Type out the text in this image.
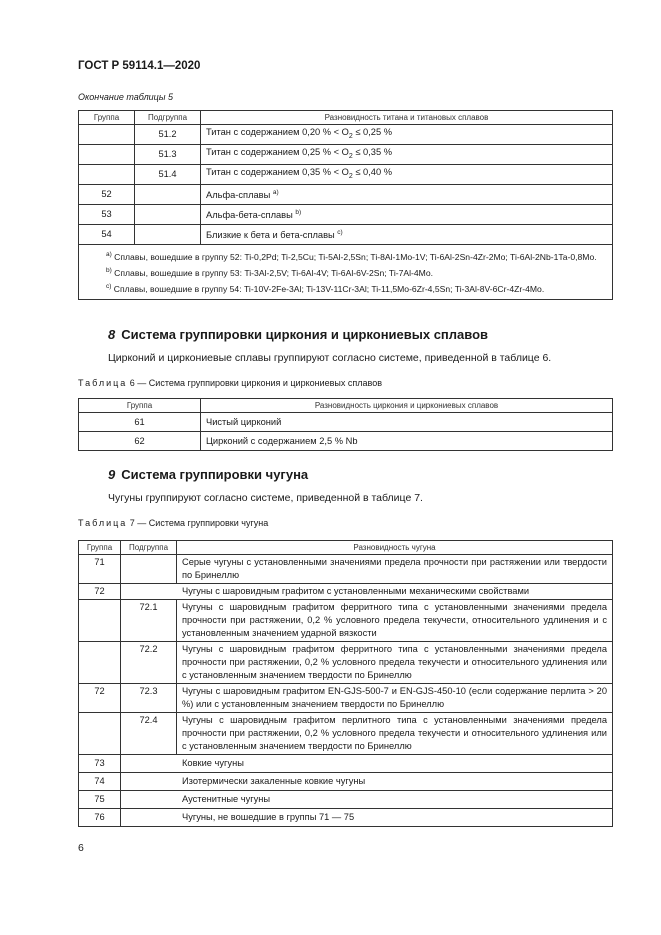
ГОСТ Р 59114.1—2020
Окончание таблицы 5
Группа	Подгруппа	Разновидность титана и титановых сплавов
	51.2	Титан с содержанием 0,20 % < $O_2 \le 0,25$ %
	51.3	Титан с содержанием 0,25 % < $O_2 \le 0,35$ %
	51.4	Титан с содержанием 0,35 % < $O_2 \le 0,40$ %
52		Альфа-сплавы $^{а)}$
53		Альфа-бета-сплавы $^{b)}$
54		Близкие к бета и бета-сплавы $^{c)}$

$^{а)}$ Сплавы, вошедшие в группу 52: Ti-0,2Pd; Ti-2,5Cu; Ti-5Al-2,5Sn; Ti-8Al-1Mo-1V; Ti-6Al-2Sn-4Zr-2Mo; Ti-6Al-2Nb-1Ta-0,8Mo.
$^{b)}$ Сплавы, вошедшие в группу 53: Ti-3Al-2,5V; Ti-6Al-4V; Ti-6Al-6V-2Sn; Ti-7Al-4Mo.
$^{c)}$ Сплавы, вошедшие в группу 54: Ti-10V-2Fe-3Al; Ti-13V-11Cr-3Al; Ti-11,5Mo-6Zr-4,5Sn; Ti-3Al-8V-6Cr-4Zr-4Mo.		
8 Система группировки циркония и циркониевых сплавов
Цирконий и циркониевые сплавы группируют согласно системе, приведенной в таблице 6.
Таблица 6 — Система группировки циркония и циркониевых сплавов
Группа	Разновидность циркония и циркониевых сплавов
61	Чистый цирконий
62	Цирконий с содержанием 2,5 % Nb
9 Система группировки чугуна
Чугуны группируют согласно системе, приведенной в таблице 7.
Таблица 7 — Система группировки чугуна
Группа	Подгруппа	Разновидность чугуна
71		Серые чугуны с установленными значениями предела прочности при растяжении или твердости по Бринеллю
72	Чугуны с шаровидным графитом с установленными механическими свойствами	
	72.1	Чугуны с шаровидным графитом ферритного типа с установленными значениями предела прочности при растяжении, 0,2 % условного предела текучести, относительного удлинения и с установленным значением ударной вязкости
	72.2	Чугуны с шаровидным графитом ферритного типа с установленными значениями предела прочности при растяжении, 0,2 % условного предела текучести и относительного удлинения или с установленным значением твердости по Бринеллю
72	72.3	Чугуны с шаровидным графитом EN-GJS-500-7 и EN-GJS-450-10 (если содержание перлита > 20 %) или с установленным значением твердости по Бринеллю
	72.4	Чугуны с шаровидным графитом перлитного типа с установленными значениями предела прочности при растяжении, 0,2 % условного предела текучести и относительного удлинения или с установленным значением твердости по Бринеллю
73	Ковкие чугуны	
74	Изотермически закаленные ковкие чугуны	
75	Аустенитные чугуны	
76	Чугуны, не вошедшие в группы 71 — 75	
6
